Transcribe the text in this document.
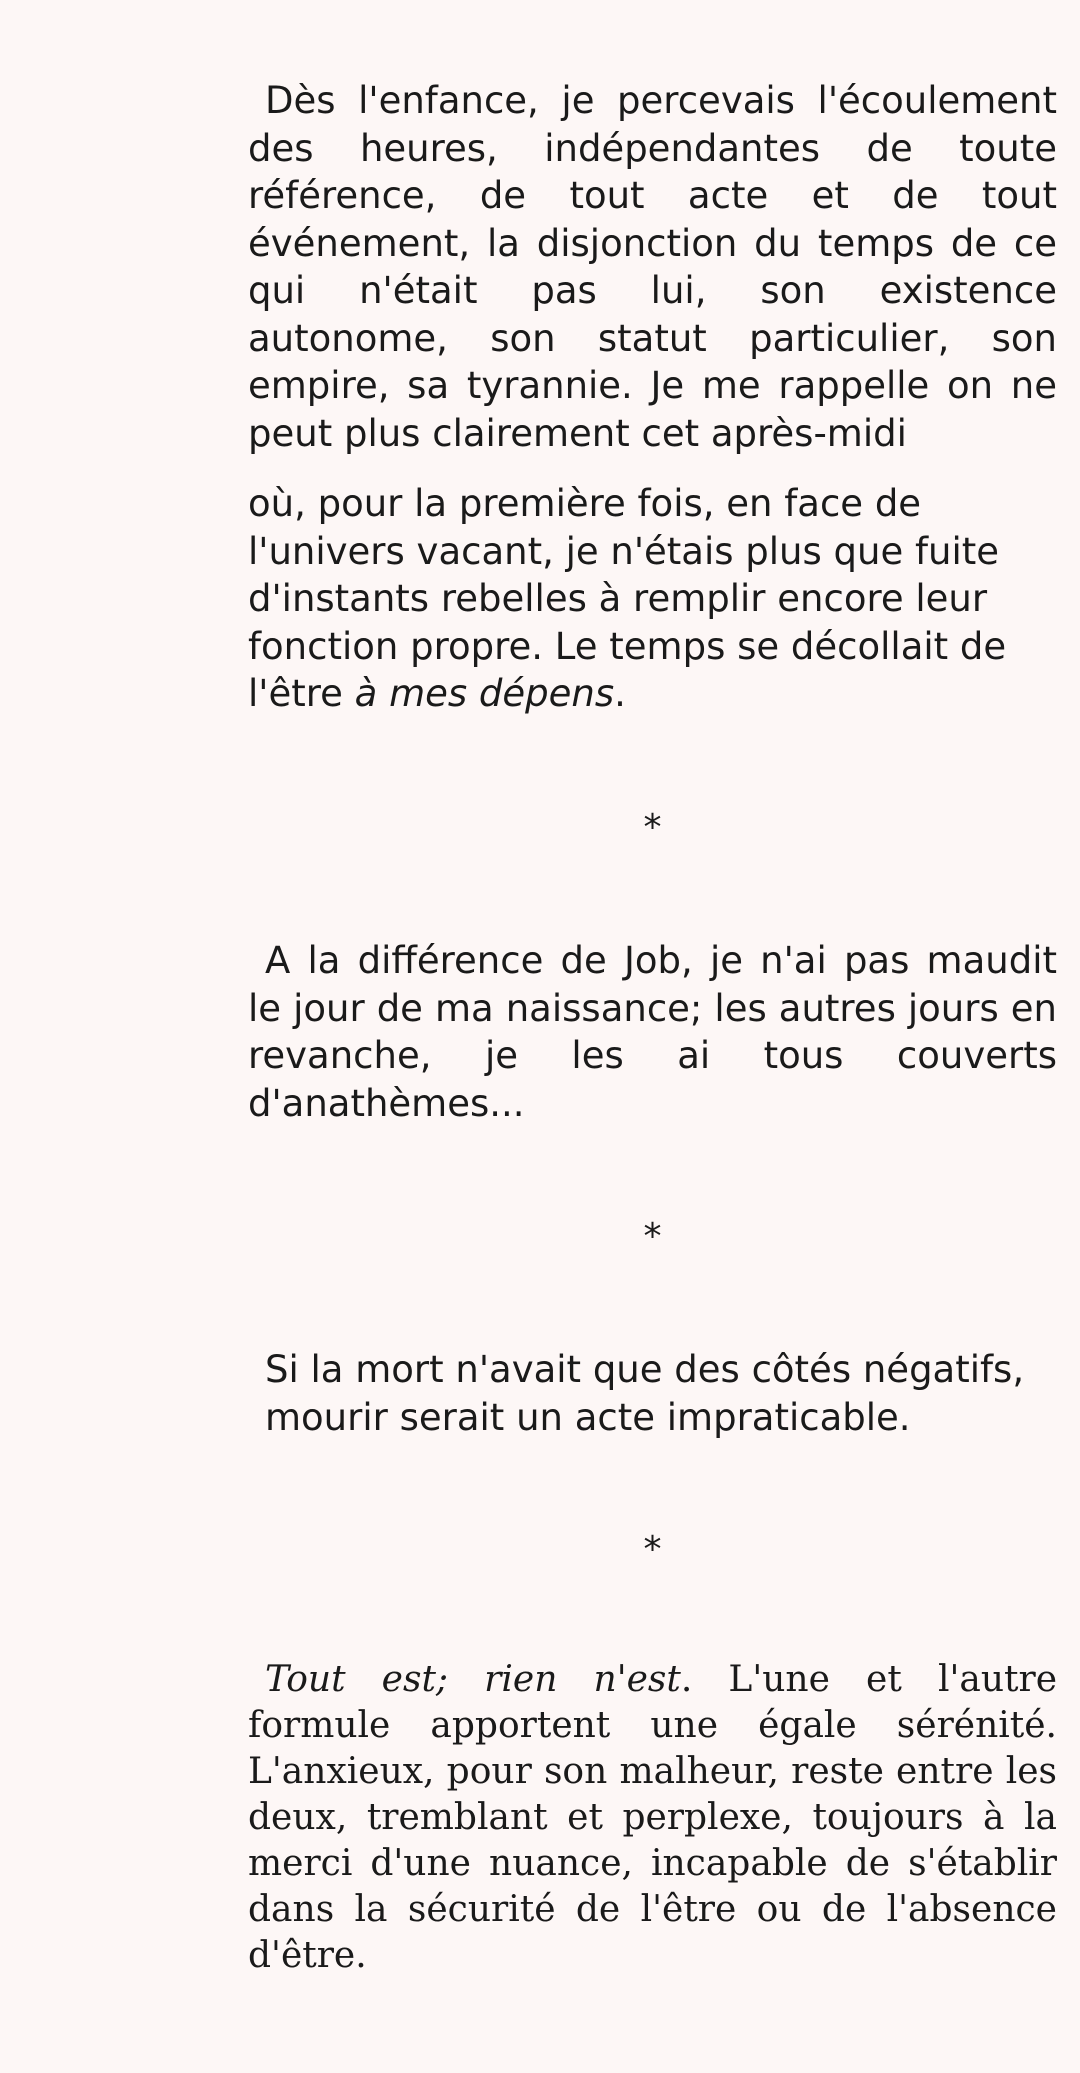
Dès l'enfance, je percevais l'écoulement des heures, indépendantes de toute référence, de tout acte et de tout événement, la disjonction du temps de ce qui n'était pas lui, son existence autonome, son statut particulier, son empire, sa tyrannie. Je me rappelle on ne peut plus clairement cet après-midi

où, pour la première fois, en face de l'univers vacant, je n'étais plus que fuite d'instants rebelles à remplir encore leur fonction propre. Le temps se décollait de l'être à mes dépens.

*

A la différence de Job, je n'ai pas maudit le jour de ma naissance; les autres jours en revanche, je les ai tous couverts d'anathèmes...

*

Si la mort n'avait que des côtés négatifs,

mourir serait un acte impraticable.

*

Tout est; rien n'est. L'une et l'autre formule apportent une égale sérénité. L'anxieux, pour son malheur, reste entre les deux, tremblant et perplexe, toujours à la merci d'une nuance, incapable de s'établir dans la sécurité de l'être ou de l'absence d'être.
